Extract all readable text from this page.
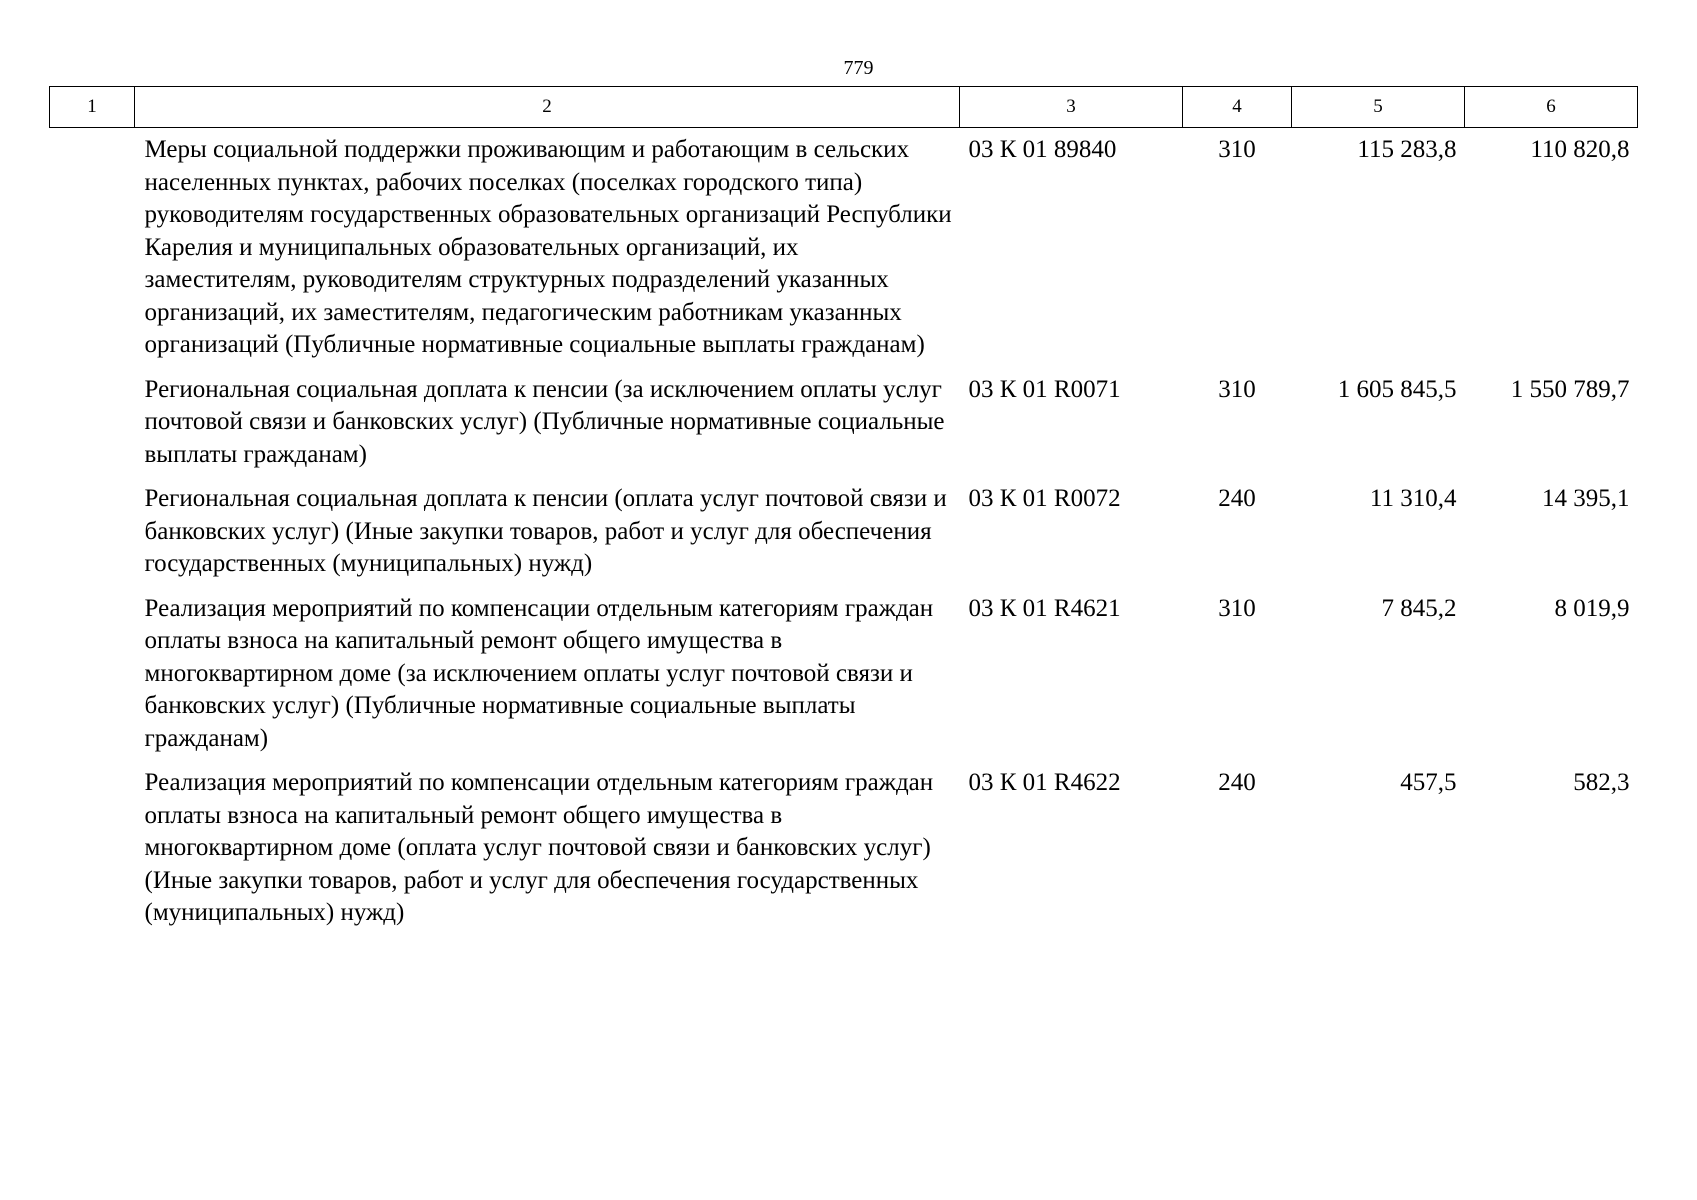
779
1	2	3	4	5	6
	Меры социальной поддержки проживающим и работающим в сельских населенных пунктах, рабочих поселках (поселках городского типа) руководителям государственных образовательных организаций Республики Карелия и муниципальных образовательных организаций, их заместителям, руководителям структурных подразделений указанных организаций, их заместителям, педагогическим работникам указанных организаций (Публичные нормативные социальные выплаты гражданам)	03 К 01 89840	310	115 283,8	110 820,8
	Региональная социальная доплата к пенсии (за исключением оплаты услуг почтовой связи и банковских услуг) (Публичные нормативные социальные выплаты гражданам)	03 К 01 R0071	310	1 605 845,5	1 550 789,7
	Региональная социальная доплата к пенсии (оплата услуг почтовой связи и банковских услуг) (Иные закупки товаров, работ и услуг для обеспечения государственных (муниципальных) нужд)	03 К 01 R0072	240	11 310,4	14 395,1
	Реализация мероприятий по компенсации отдельным категориям граждан оплаты взноса на капитальный ремонт общего имущества в многоквартирном доме (за исключением оплаты услуг почтовой связи и банковских услуг) (Публичные нормативные социальные выплаты гражданам)	03 К 01 R4621	310	7 845,2	8 019,9
	Реализация мероприятий по компенсации отдельным категориям граждан оплаты взноса на капитальный ремонт общего имущества в многоквартирном доме (оплата услуг почтовой связи и банковских услуг) (Иные закупки товаров, работ и услуг для обеспечения государственных (муниципальных) нужд)	03 К 01 R4622	240	457,5	582,3
